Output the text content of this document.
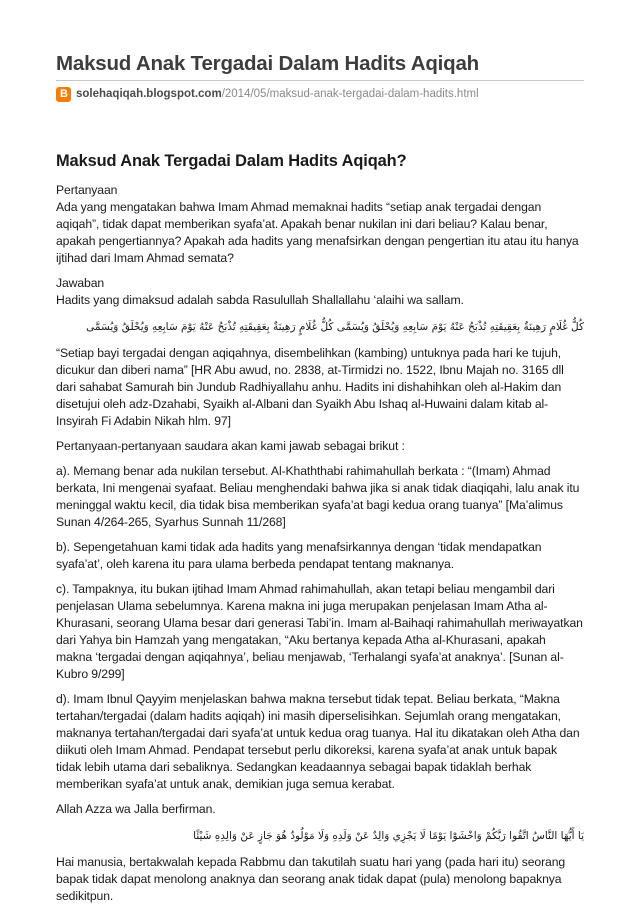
Maksud Anak Tergadai Dalam Hadits Aqiqah
B solehaqiqah.blogspot.com /2014/05/maksud-anak-tergadai-dalam-hadits.html
Maksud Anak Tergadai Dalam Hadits Aqiqah?

Pertanyaan
Ada yang mengatakan bahwa Imam Ahmad memaknai hadits “setiap anak tergadai dengan aqiqah”, tidak dapat memberikan syafa’at. Apakah benar nukilan ini dari beliau? Kalau benar, apakah pengertiannya? Apakah ada hadits yang menafsirkan dengan pengertian itu atau itu hanya ijtihad dari Imam Ahmad semata?

Jawaban
Hadits yang dimaksud adalah sabda Rasulullah Shallallahu ‘alaihi wa sallam.

كُلُّ غُلَامٍ رَهِينَةٌ بِعَقِيقَتِهِ تُذْبَحُ عَنْهُ يَوْمَ سَابِعِهِ وَيُحْلَقُ وَيُسَمَّى كُلُّ غُلَامٍ رَهِينَةٌ بِعَقِيقَتِهِ تُذْبَحُ عَنْهُ يَوْمَ سَابِعِهِ وَيُحْلَقُ وَيُسَمَّى

“Setiap bayi tergadai dengan aqiqahnya, disembelihkan (kambing) untuknya pada hari ke tujuh, dicukur dan diberi nama” [HR Abu awud, no. 2838, at-Tirmidzi no. 1522, Ibnu Majah no. 3165 dll dari sahabat Samurah bin Jundub Radhiyallahu anhu. Hadits ini dishahihkan oleh al-Hakim dan disetujui oleh adz-Dzahabi, Syaikh al-Albani dan Syaikh Abu Ishaq al-Huwaini dalam kitab al-Insyirah Fi Adabin Nikah hlm. 97]

Pertanyaan-pertanyaan saudara akan kami jawab sebagai brikut :

a). Memang benar ada nukilan tersebut. Al-Khaththabi rahimahullah berkata : “(Imam) Ahmad berkata, Ini mengenai syafaat. Beliau menghendaki bahwa jika si anak tidak diaqiqahi, lalu anak itu meninggal waktu kecil, dia tidak bisa memberikan syafa’at bagi kedua orang tuanya” [Ma’alimus Sunan 4/264-265, Syarhus Sunnah 11/268]

b). Sepengetahuan kami tidak ada hadits yang menafsirkannya dengan ‘tidak mendapatkan syafa’at’, oleh karena itu para ulama berbeda pendapat tentang maknanya.

c). Tampaknya, itu bukan ijtihad Imam Ahmad rahimahullah, akan tetapi beliau mengambil dari penjelasan Ulama sebelumnya. Karena makna ini juga merupakan penjelasan Imam Atha al-Khurasani, seorang Ulama besar dari generasi Tabi’in. Imam al-Baihaqi rahimahullah meriwayatkan dari Yahya bin Hamzah yang mengatakan, “Aku bertanya kepada Atha al-Khurasani, apakah makna ‘tergadai dengan aqiqahnya’, beliau menjawab, ‘Terhalangi syafa’at anaknya’. [Sunan al-Kubro 9/299]

d). Imam Ibnul Qayyim menjelaskan bahwa makna tersebut tidak tepat. Beliau berkata, “Makna tertahan/tergadai (dalam hadits aqiqah) ini masih diperselisihkan. Sejumlah orang mengatakan, maknanya tertahan/tergadai dari syafa’at untuk kedua orag tuanya. Hal itu dikatakan oleh Atha dan diikuti oleh Imam Ahmad. Pendapat tersebut perlu dikoreksi, karena syafa’at anak untuk bapak tidak lebih utama dari sebaliknya. Sedangkan keadaannya sebagai bapak tidaklah berhak memberikan syafa’at untuk anak, demikian juga semua kerabat.

Allah Azza wa Jalla berfirman.

يَا أَيُّهَا النَّاسُ اتَّقُوا رَبَّكُمْ وَاخْشَوْا يَوْمًا لَا يَجْزِي وَالِدٌ عَنْ وَلَدِهِ وَلَا مَوْلُودٌ هُوَ جَازٍ عَنْ وَالِدِهِ شَيْئًا

Hai manusia, bertakwalah kepada Rabbmu dan takutilah suatu hari yang (pada hari itu) seorang bapak tidak dapat menolong anaknya dan seorang anak tidak dapat (pula) menolong bapaknya sedikitpun.
